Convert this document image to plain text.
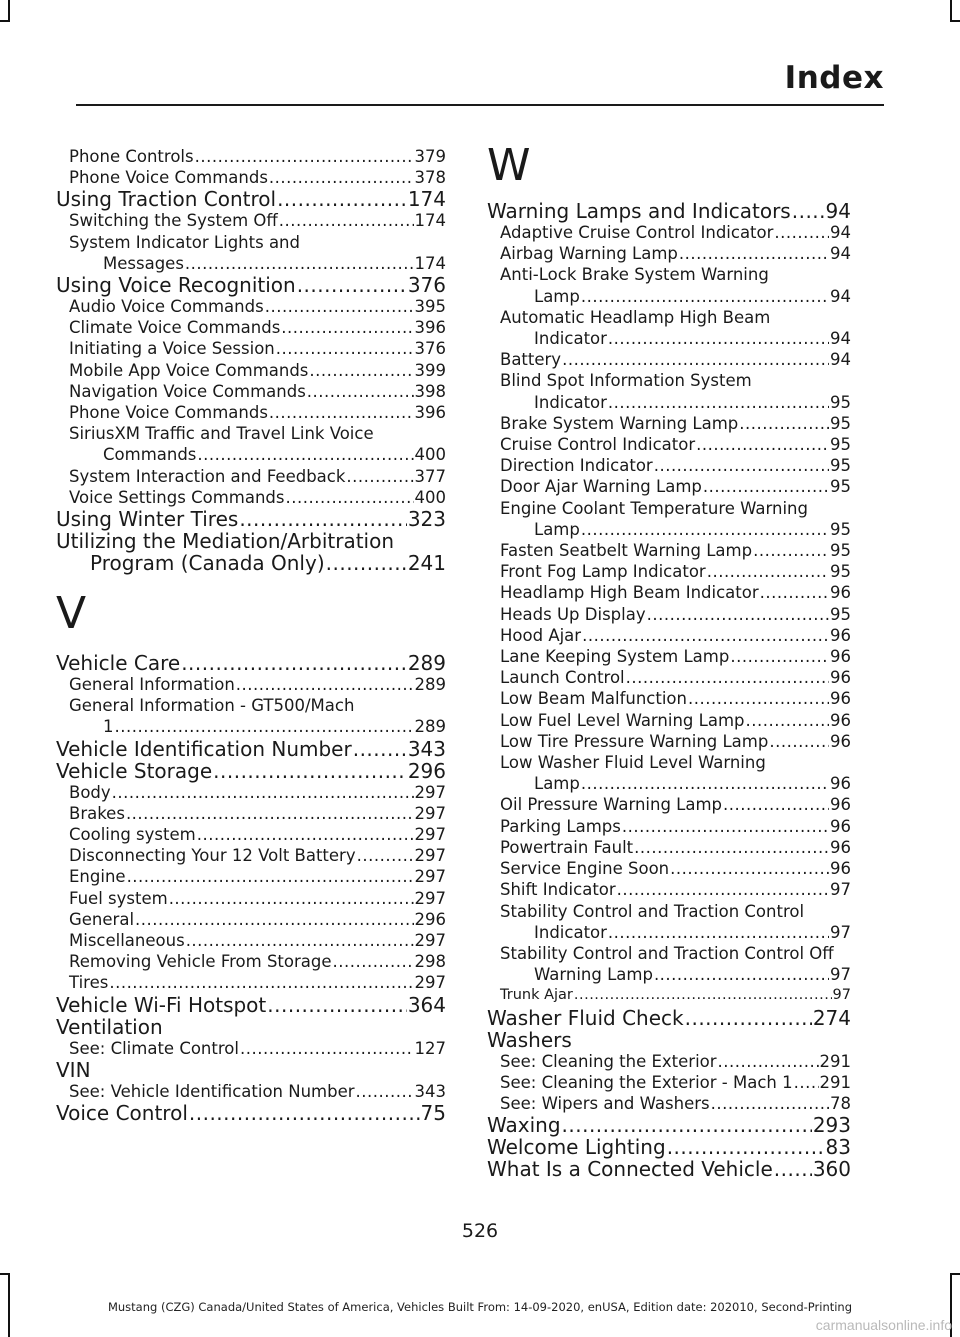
Index
Phone Controls .....	379
Phone Voice Commands .....	378
Using Traction Control .....	174
Switching the System Off .....	174
System Indicator Lights and
Messages .....	174
Using Voice Recognition .....	376
Audio Voice Commands .....	395
Climate Voice Commands .....	396
Initiating a Voice Session .....	376
Mobile App Voice Commands .....	399
Navigation Voice Commands .....	398
Phone Voice Commands .....	396
SiriusXM Traffic and Travel Link Voice
Commands .....	400
System Interaction and Feedback .....	377
Voice Settings Commands .....	400
Using Winter Tires .....	323
Utilizing the Mediation/Arbitration
Program (Canada Only) .....	241
V
Vehicle Care .....	289
General Information .....	289
General Information - GT500/Mach
1 .....	289
Vehicle Identification Number .....	343
Vehicle Storage .....	296
Body .....	297
Brakes .....	297
Cooling system .....	297
Disconnecting Your 12 Volt Battery .....	297
Engine .....	297
Fuel system .....	297
General .....	296
Miscellaneous .....	297
Removing Vehicle From Storage .....	298
Tires .....	297
Vehicle Wi-Fi Hotspot .....	364
Ventilation
See: Climate Control .....	127
VIN
See: Vehicle Identification Number .....	343
Voice Control .....	75
W
Warning Lamps and Indicators ..... 94
Adaptive Cruise Control Indicator .....	94
Airbag Warning Lamp .....	94
Anti-Lock Brake System Warning
Lamp .....	94
Automatic Headlamp High Beam
Indicator .....	94
Battery .....	94
Blind Spot Information System
Indicator .....	95
Brake System Warning Lamp .....	95
Cruise Control Indicator .....	95
Direction Indicator .....	95
Door Ajar Warning Lamp .....	95
Engine Coolant Temperature Warning
Lamp .....	95
Fasten Seatbelt Warning Lamp .....	95
Front Fog Lamp Indicator .....	95
Headlamp High Beam Indicator .....	96
Heads Up Display .....	95
Hood Ajar .....	96
Lane Keeping System Lamp .....	96
Launch Control .....	96
Low Beam Malfunction .....	96
Low Fuel Level Warning Lamp .....	96
Low Tire Pressure Warning Lamp .....	96
Low Washer Fluid Level Warning
Lamp .....	96
Oil Pressure Warning Lamp .....	96
Parking Lamps .....	96
Powertrain Fault .....	96
Service Engine Soon .....	96
Shift Indicator .....	97
Stability Control and Traction Control
Indicator .....	97
Stability Control and Traction Control Off
Warning Lamp .....	97
Trunk Ajar .....	97
Washer Fluid Check .....	274
Washers
See: Cleaning the Exterior .....	291
See: Cleaning the Exterior - Mach 1 ..... 291
See: Wipers and Washers .....	78
Waxing .....	293
Welcome Lighting .....	83
What Is a Connected Vehicle ..... 360
526
Mustang (CZG) Canada/United States of America, Vehicles Built From: 14-09-2020, enUSA, Edition date: 202010, Second-Printing
carmanualsonline.info
